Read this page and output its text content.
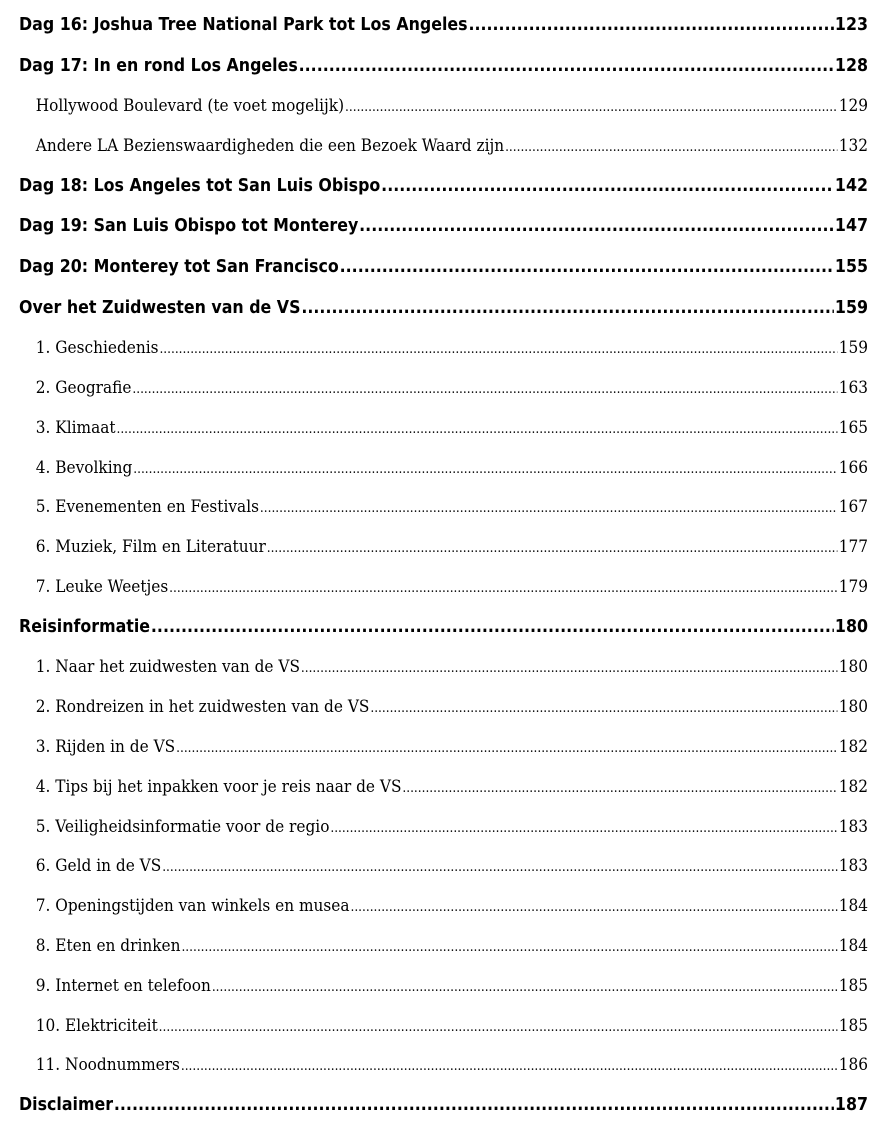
Dag 16: Joshua Tree National Park tot Los Angeles .....	123
Dag 17: In en rond Los Angeles .....	128
Hollywood Boulevard (te voet mogelijk) .....	129
Andere LA Bezienswaardigheden die een Bezoek Waard zijn .....	132
Dag 18: Los Angeles tot San Luis Obispo .....	142
Dag 19: San Luis Obispo tot Monterey .....	147
Dag 20: Monterey tot San Francisco .....	155
Over het Zuidwesten van de VS .....	159
1. Geschiedenis .....	159
2. Geografie .....	163
3. Klimaat .....	165
4. Bevolking .....	166
5. Evenementen en Festivals .....	167
6. Muziek, Film en Literatuur .....	177
7. Leuke Weetjes .....	179
Reisinformatie .....	180
1. Naar het zuidwesten van de VS .....	180
2. Rondreizen in het zuidwesten van de VS .....	180
3. Rijden in de VS .....	182
4. Tips bij het inpakken voor je reis naar de VS .....	182
5. Veiligheidsinformatie voor de regio .....	183
6. Geld in de VS .....	183
7. Openingstijden van winkels en musea .....	184
8. Eten en drinken .....	184
9. Internet en telefoon .....	185
10. Elektriciteit .....	185
11. Noodnummers .....	186
Disclaimer .....	187
